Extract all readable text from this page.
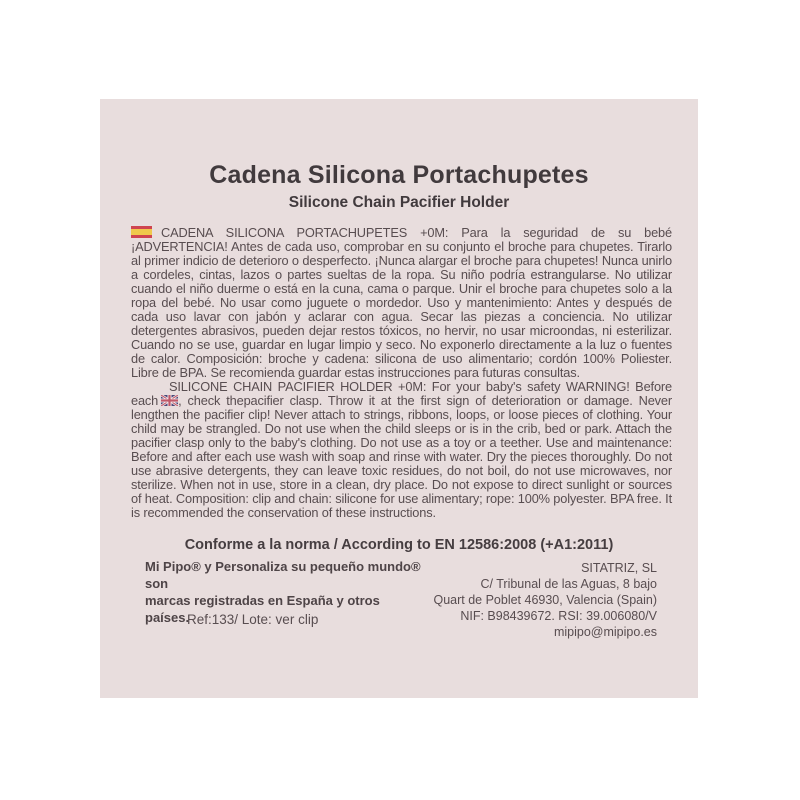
Cadena Silicona Portachupetes
Silicone Chain Pacifier Holder

CADENA SILICONA PORTACHUPETES +0M: Para la seguridad de su bebé ¡ADVERTENCIA! Antes de cada uso, comprobar en su conjunto el broche para chupetes. Tirarlo al primer indicio de deterioro o desperfecto. ¡Nunca alargar el broche para chupetes! Nunca unirlo a cordeles, cintas, lazos o partes sueltas de la ropa. Su niño podría estrangularse. No utilizar cuando el niño duerme o está en la cuna, cama o parque. Unir el broche para chupetes solo a la ropa del bebé. No usar como juguete o mordedor. Uso y mantenimiento: Antes y después de cada uso lavar con jabón y aclarar con agua. Secar las piezas a conciencia. No utilizar detergentes abrasivos, pueden dejar restos tóxicos, no hervir, no usar microondas, ni esterilizar. Cuando no se use, guardar en lugar limpio y seco. No exponerlo directamente a la luz o fuentes de calor. Composición: broche y cadena: silicona de uso alimentario; cordón 100% Poliester. Libre de BPA. Se recomienda guardar estas instrucciones para futuras consultas.

SILICONE CHAIN PACIFIER HOLDER +0M: For your baby's safety WARNING! Before each , check thepacifier clasp. Throw it at the first sign of deterioration or damage. Never lengthen the pacifier clip! Never attach to strings, ribbons, loops, or loose pieces of clothing. Your child may be strangled. Do not use when the child sleeps or is in the crib, bed or park. Attach the pacifier clasp only to the baby's clothing. Do not use as a toy or a teether. Use and maintenance: Before and after each use wash with soap and rinse with water. Dry the pieces thoroughly. Do not use abrasive detergents, they can leave toxic residues, do not boil, do not use microwaves, nor sterilize. When not in use, store in a clean, dry place. Do not expose to direct sunlight or sources of heat. Composition: clip and chain: silicone for use alimentary; rope: 100% polyester. BPA free. It is recommended the conservation of these instructions.

Conforme a la norma / According to EN 12586:2008 (+A1:2011)
Mi Pipo® y Personaliza su pequeño mundo® son
marcas registradas en España y otros países.
SITATRIZ, SL
C/ Tribunal de las Aguas, 8 bajo
Quart de Poblet 46930, Valencia (Spain)
NIF: B98439672. RSI: 39.006080/V
mipipo@mipipo.es
Ref:133/ Lote: ver clip
